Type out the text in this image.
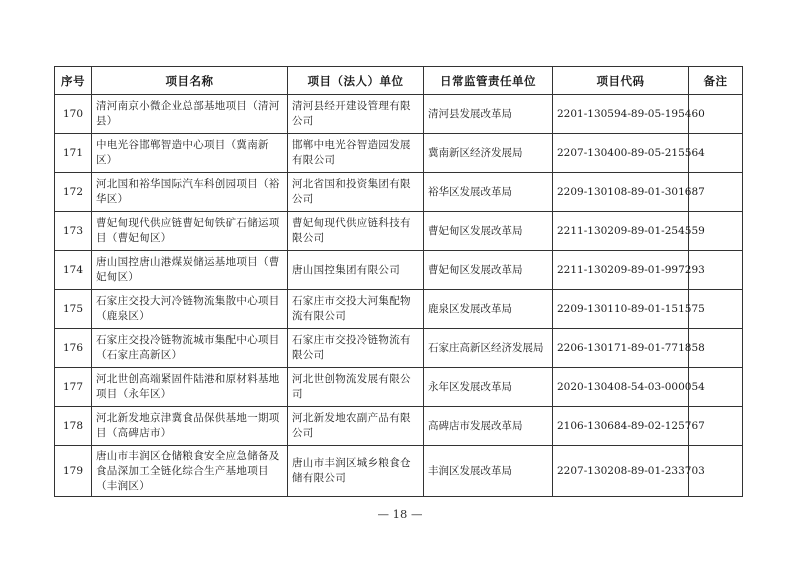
序号	项目名称	项目（法人）单位	日常监管责任单位	项目代码	备注
170	清河南京小微企业总部基地项目（清河县）	清河县经开建设管理有限公司	清河县发展改革局	2201-130594-89-05-195460	
171	中电光谷邯郸智造中心项目（冀南新区）	邯郸中电光谷智造园发展有限公司	冀南新区经济发展局	2207-130400-89-05-215564	
172	河北国和裕华国际汽车科创园项目（裕华区）	河北省国和投资集团有限公司	裕华区发展改革局	2209-130108-89-01-301687	
173	曹妃甸现代供应链曹妃甸铁矿石储运项目（曹妃甸区）	曹妃甸现代供应链科技有限公司	曹妃甸区发展改革局	2211-130209-89-01-254559	
174	唐山国控唐山港煤炭储运基地项目（曹妃甸区）	唐山国控集团有限公司	曹妃甸区发展改革局	2211-130209-89-01-997293	
175	石家庄交投大河冷链物流集散中心项目（鹿泉区）	石家庄市交投大河集配物流有限公司	鹿泉区发展改革局	2209-130110-89-01-151575	
176	石家庄交投冷链物流城市集配中心项目（石家庄高新区）	石家庄市交投冷链物流有限公司	石家庄高新区经济发展局	2206-130171-89-01-771858	
177	河北世创高端紧固件陆港和原材料基地项目（永年区）	河北世创物流发展有限公司	永年区发展改革局	2020-130408-54-03-000054	
178	河北新发地京津冀食品保供基地一期项目（高碑店市）	河北新发地农副产品有限公司	高碑店市发展改革局	2106-130684-89-02-125767	
179	唐山市丰润区仓储粮食安全应急储备及食品深加工全链化综合生产基地项目（丰润区）	唐山市丰润区城乡粮食仓储有限公司	丰润区发展改革局	2207-130208-89-01-233703	
— 18 —
